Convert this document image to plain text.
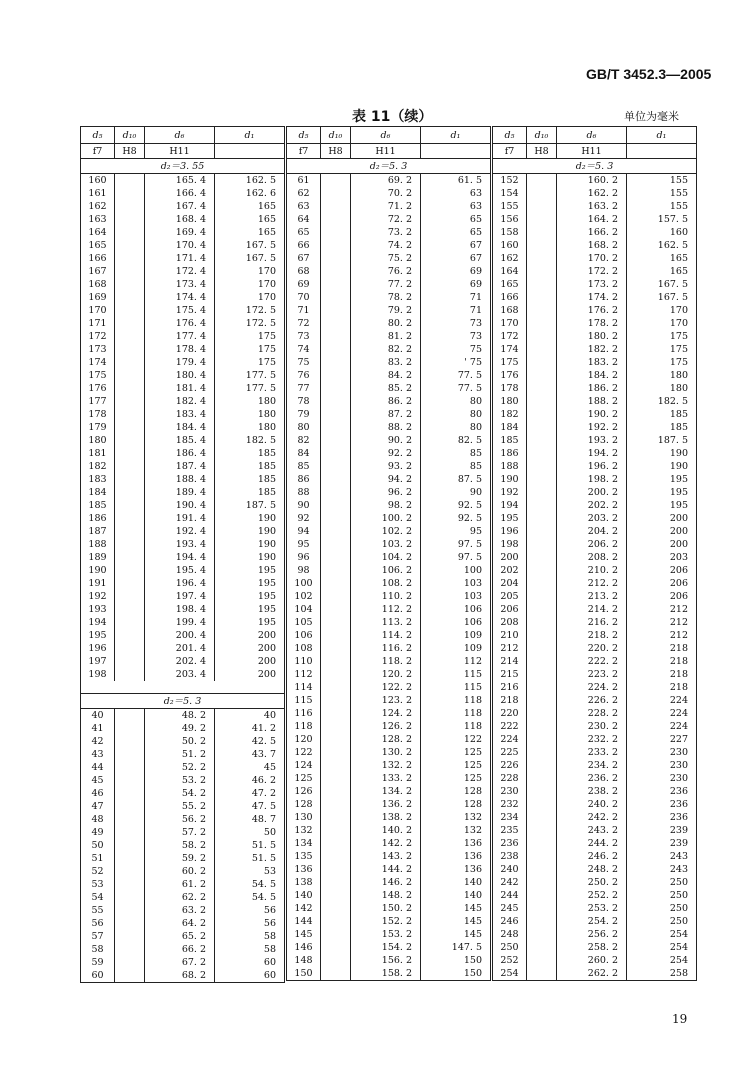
GB/T 3452.3—2005
表 11（续）	单位为毫米
d₅	d₁₀	d₆	d₁
f7	H8	H11	
d₂＝3. 55			
160		165. 4	162. 5
161		166. 4	162. 6
162		167. 4	165
163		168. 4	165
164		169. 4	165
165		170. 4	167. 5
166		171. 4	167. 5
167		172. 4	170
168		173. 4	170
169		174. 4	170
170		175. 4	172. 5
171		176. 4	172. 5
172		177. 4	175
173		178. 4	175
174		179. 4	175
175		180. 4	177. 5
176		181. 4	177. 5
177		182. 4	180
178		183. 4	180
179		184. 4	180
180		185. 4	182. 5
181		186. 4	185
182		187. 4	185
183		188. 4	185
184		189. 4	185
185		190. 4	187. 5
186		191. 4	190
187		192. 4	190
188		193. 4	190
189		194. 4	190
190		195. 4	195
191		196. 4	195
192		197. 4	195
193		198. 4	195
194		199. 4	195
195		200. 4	200
196		201. 4	200
197		202. 4	200
198		203. 4	200

d₂＝5. 3			
40		48. 2	40
41		49. 2	41. 2
42		50. 2	42. 5
43		51. 2	43. 7
44		52. 2	45
45		53. 2	46. 2
46		54. 2	47. 2
47		55. 2	47. 5
48		56. 2	48. 7
49		57. 2	50
50		58. 2	51. 5
51		59. 2	51. 5
52		60. 2	53
53		61. 2	54. 5
54		62. 2	54. 5
55		63. 2	56
56		64. 2	56
57		65. 2	58
58		66. 2	58
59		67. 2	60
60		68. 2	60
d₅	d₁₀	d₆	d₁
f7	H8	H11	
d₂＝5. 3			
61		69. 2	61. 5
62		70. 2	63
63		71. 2	63
64		72. 2	65
65		73. 2	65
66		74. 2	67
67		75. 2	67
68		76. 2	69
69		77. 2	69
70		78. 2	71
71		79. 2	71
72		80. 2	73
73		81. 2	73
74		82. 2	75
75		83. 2	' 75
76		84. 2	77. 5
77		85. 2	77. 5
78		86. 2	80
79		87. 2	80
80		88. 2	80
82		90. 2	82. 5
84		92. 2	85
85		93. 2	85
86		94. 2	87. 5
88		96. 2	90
90		98. 2	92. 5
92		100. 2	92. 5
94		102. 2	95
95		103. 2	97. 5
96		104. 2	97. 5
98		106. 2	100
100		108. 2	103
102		110. 2	103
104		112. 2	106
105		113. 2	106
106		114. 2	109
108		116. 2	109
110		118. 2	112
112		120. 2	115
114		122. 2	115
115		123. 2	118
116		124. 2	118
118		126. 2	118
120		128. 2	122
122		130. 2	125
124		132. 2	125
125		133. 2	125
126		134. 2	128
128		136. 2	128
130		138. 2	132
132		140. 2	132
134		142. 2	136
135		143. 2	136
136		144. 2	136
138		146. 2	140
140		148. 2	140
142		150. 2	145
144		152. 2	145
145		153. 2	145
146		154. 2	147. 5
148		156. 2	150
150		158. 2	150
d₅	d₁₀	d₆	d₁
f7	H8	H11	
d₂＝5. 3			
152		160. 2	155
154		162. 2	155
155		163. 2	155
156		164. 2	157. 5
158		166. 2	160
160		168. 2	162. 5
162		170. 2	165
164		172. 2	165
165		173. 2	167. 5
166		174. 2	167. 5
168		176. 2	170
170		178. 2	170
172		180. 2	175
174		182. 2	175
175		183. 2	175
176		184. 2	180
178		186. 2	180
180		188. 2	182. 5
182		190. 2	185
184		192. 2	185
185		193. 2	187. 5
186		194. 2	190
188		196. 2	190
190		198. 2	195
192		200. 2	195
194		202. 2	195
195		203. 2	200
196		204. 2	200
198		206. 2	200
200		208. 2	203
202		210. 2	206
204		212. 2	206
205		213. 2	206
206		214. 2	212
208		216. 2	212
210		218. 2	212
212		220. 2	218
214		222. 2	218
215		223. 2	218
216		224. 2	218
218		226. 2	224
220		228. 2	224
222		230. 2	224
224		232. 2	227
225		233. 2	230
226		234. 2	230
228		236. 2	230
230		238. 2	236
232		240. 2	236
234		242. 2	236
235		243. 2	239
236		244. 2	239
238		246. 2	243
240		248. 2	243
242		250. 2	250
244		252. 2	250
245		253. 2	250
246		254. 2	250
248		256. 2	254
250		258. 2	254
252		260. 2	254
254		262. 2	258
19
